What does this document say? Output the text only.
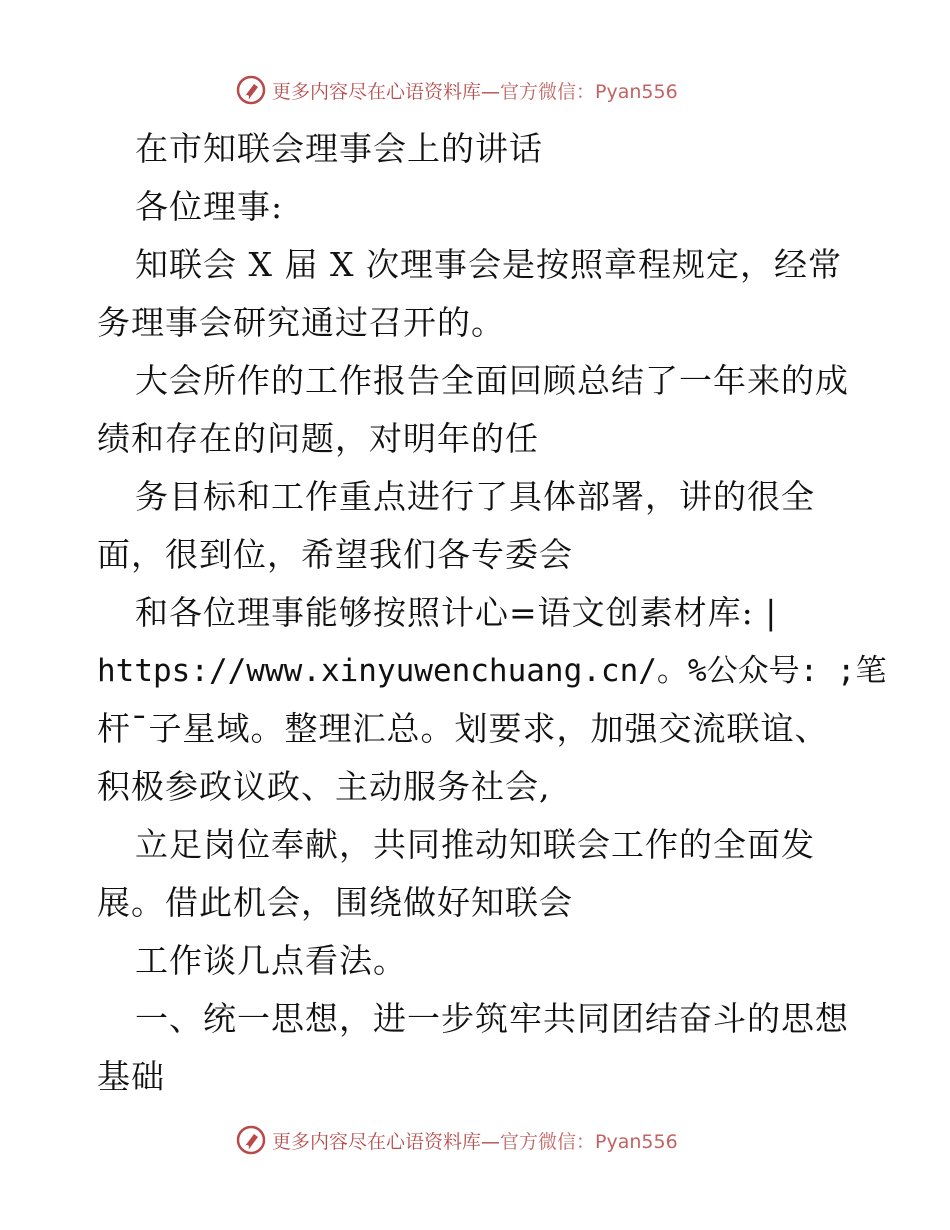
更多内容尽在心语资料库—官方微信：Pyan556
在市知联会理事会上的讲话
各位理事:
知联会 X 届 X 次理事会是按照章程规定，经常
务理事会研究通过召开的。
大会所作的工作报告全面回顾总结了一年来的成
绩和存在的问题，对明年的任
务目标和工作重点进行了具体部署，讲的很全
面，很到位，希望我们各专委会
和各位理事能够按照计心=语文创素材库: |
https://www.xinyuwenchuang.cn/。%公众号: ;笔
杆¯子星域。整理汇总。划要求，加强交流联谊、
积极参政议政、主动服务社会,
立足岗位奉献，共同推动知联会工作的全面发
展。借此机会，围绕做好知联会
工作谈几点看法。
一、统一思想，进一步筑牢共同团结奋斗的思想
基础
更多内容尽在心语资料库—官方微信：Pyan556
